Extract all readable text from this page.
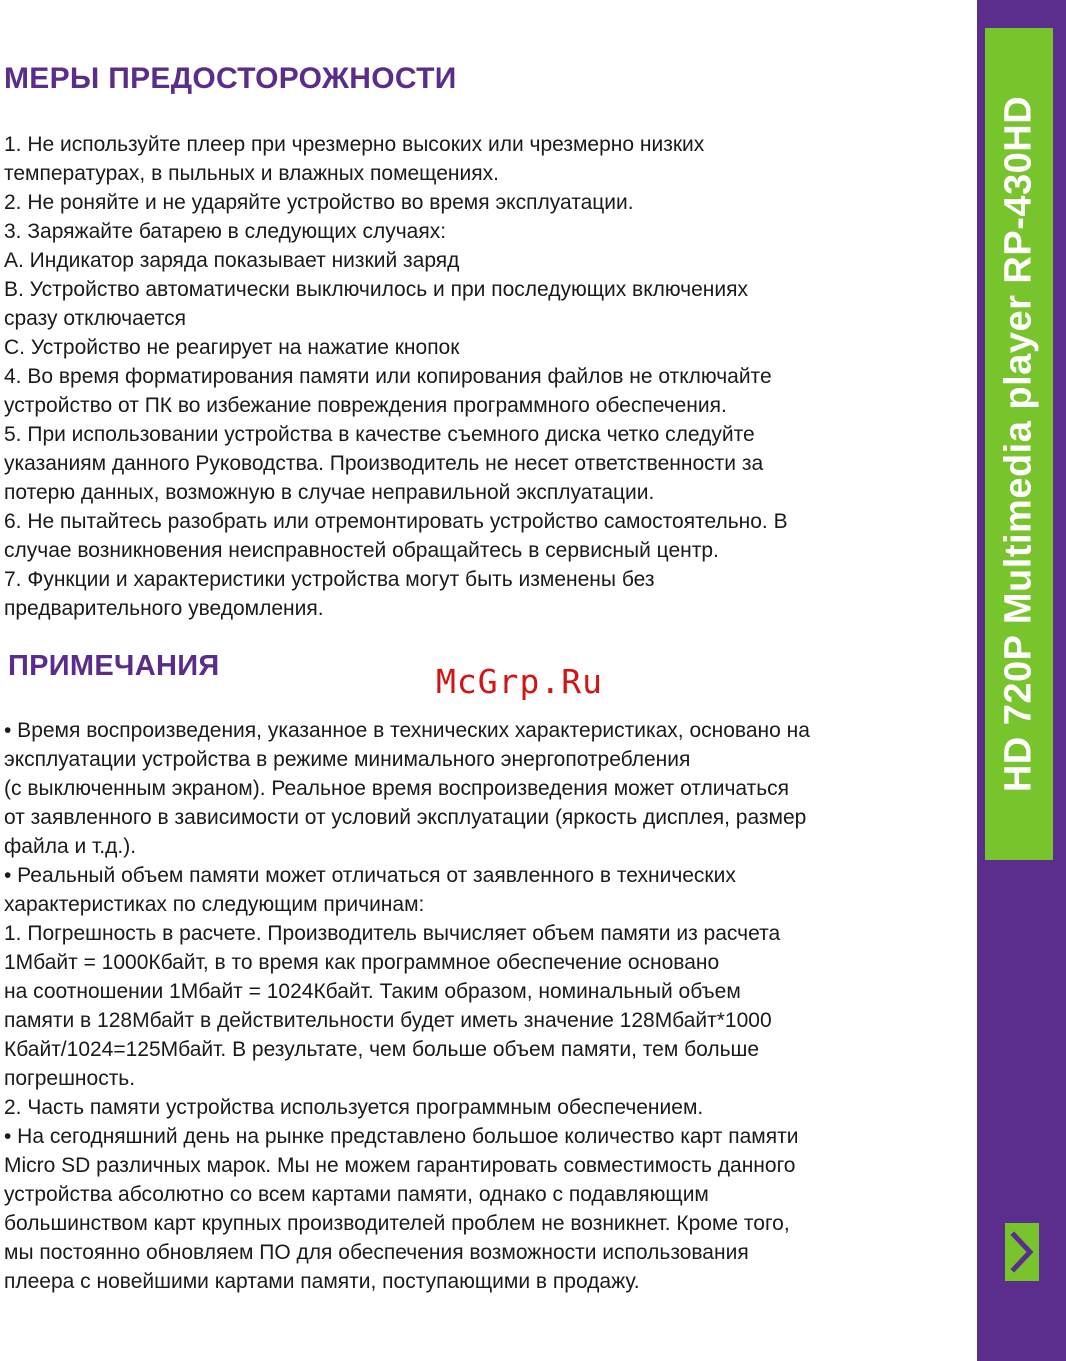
МЕРЫ ПРЕДОСТОРОЖНОСТИ

1. Не используйте плеер при чрезмерно высоких или чрезмерно низких

температурах, в пыльных и влажных помещениях.

2. Не роняйте и не ударяйте устройство во время эксплуатации.

3. Заряжайте батарею в следующих случаях:

A. Индикатор заряда показывает низкий заряд

B. Устройство автоматически выключилось и при последующих включениях

сразу отключается

C. Устройство не реагирует на нажатие кнопок

4. Во время форматирования памяти или копирования файлов не отключайте

устройство от ПК во избежание повреждения программного обеспечения.

5. При использовании устройства в качестве съемного диска четко следуйте

указаниям данного Руководства. Производитель не несет ответственности за

потерю данных, возможную в случае неправильной эксплуатации.

6. Не пытайтесь разобрать или отремонтировать устройство самостоятельно. В

случае возникновения неисправностей обращайтесь в сервисный центр.

7. Функции и характеристики устройства могут быть изменены без

предварительного уведомления.

ПРИМЕЧАНИЯ	McGrp.Ru

• Время воспроизведения, указанное в технических характеристиках, основано на

эксплуатации устройства в режиме минимального энергопотребления

(с выключенным экраном). Реальное время воспроизведения может отличаться

от заявленного в зависимости от условий эксплуатации (яркость дисплея, размер

файла и т.д.).

• Реальный объем памяти может отличаться от заявленного в технических

характеристиках по следующим причинам:

1. Погрешность в расчете. Производитель вычисляет объем памяти из расчета

1Мбайт = 1000Кбайт, в то время как программное обеспечение основано

на соотношении 1Мбайт = 1024Кбайт. Таким образом, номинальный объем

памяти в 128Мбайт в действительности будет иметь значение 128Мбайт*1000

Кбайт/1024=125Мбайт. В результате, чем больше объем памяти, тем больше

погрешность.

2. Часть памяти устройства используется программным обеспечением.

• На сегодняшний день на рынке представлено большое количество карт памяти

Micro SD различных марок. Мы не можем гарантировать совместимость данного

устройства абсолютно со всем картами памяти, однако с подавляющим

большинством карт крупных производителей проблем не возникнет. Кроме того,

мы постоянно обновляем ПО для обеспечения возможности использования

плеера с новейшими картами памяти, поступающими в продажу.

HD 720P Multimedia player RP-430HD
